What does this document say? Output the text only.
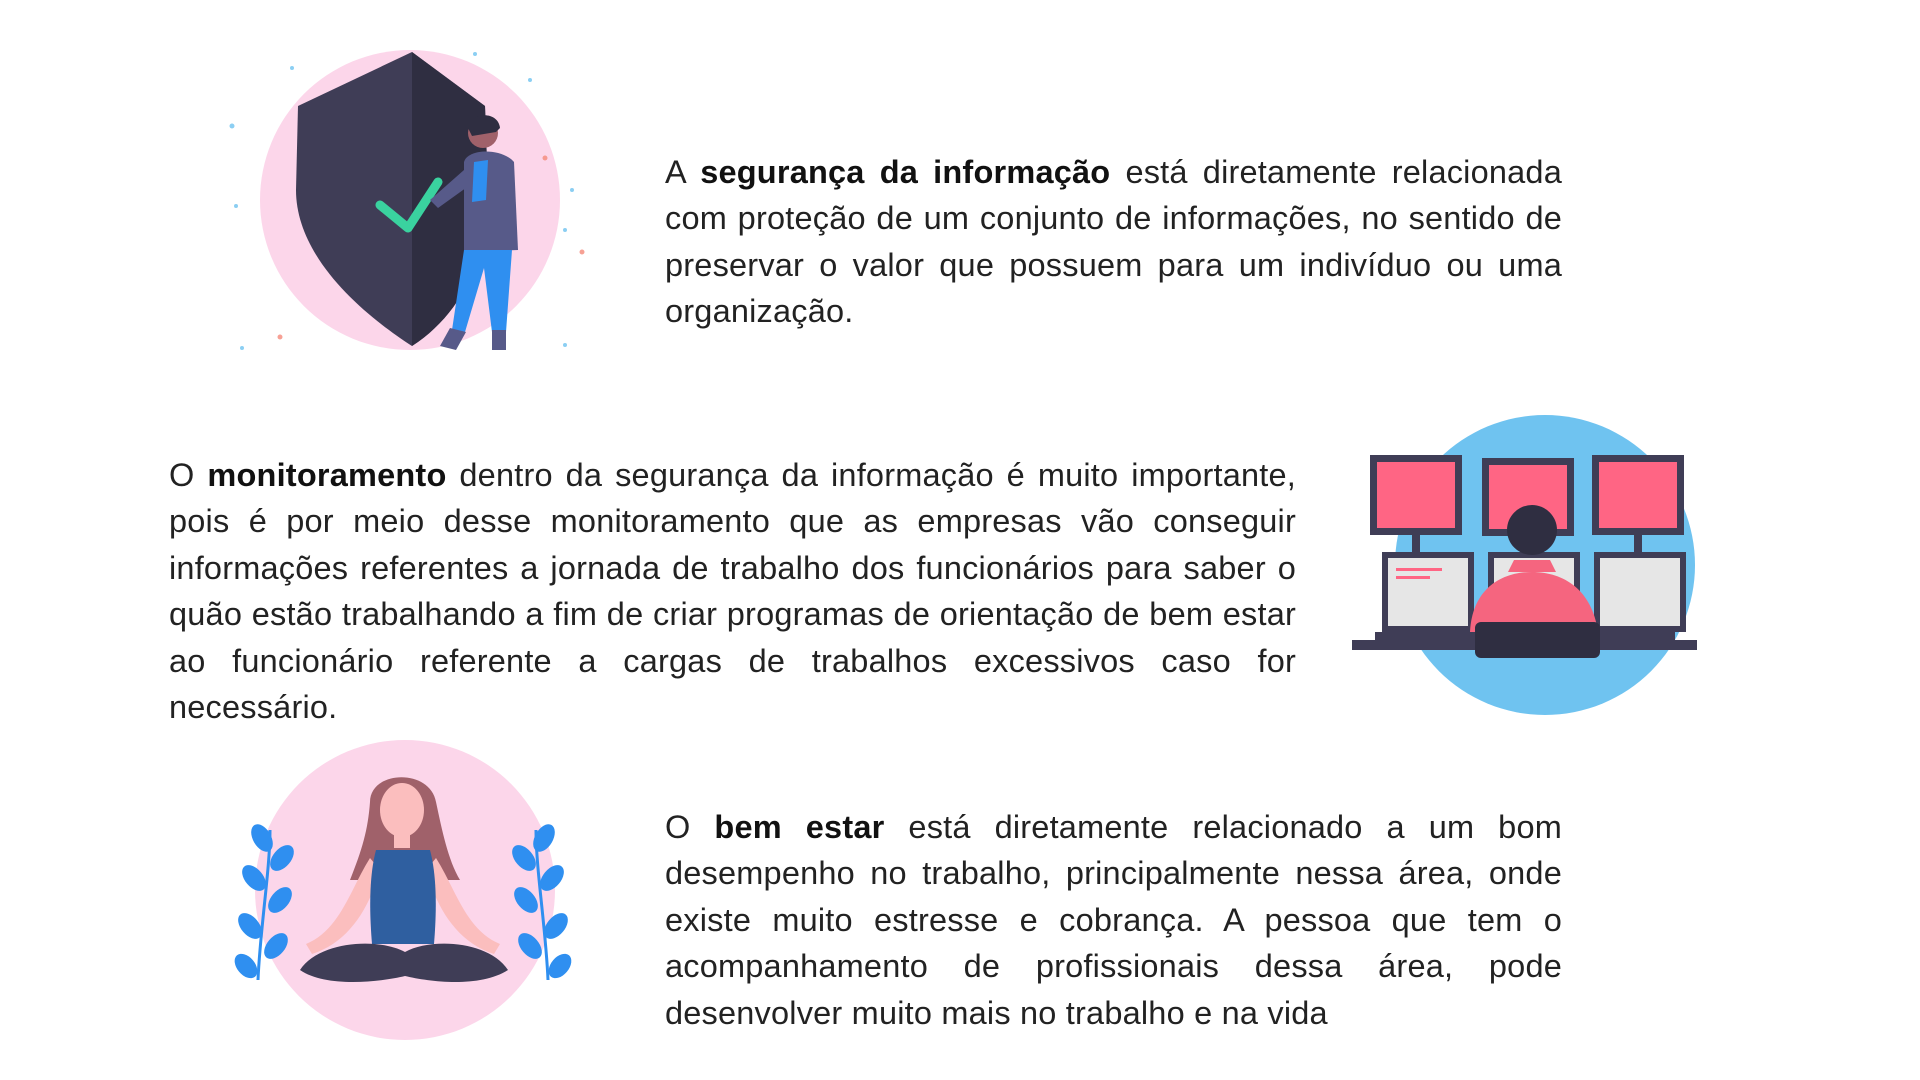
A segurança da informação está diretamente relacionada com proteção de um conjunto de informações, no sentido de preservar o valor que possuem para um indivíduo ou uma organização.

O monitoramento dentro da segurança da informação é muito importante, pois é por meio desse monitoramento que as empresas vão conseguir informações referentes a jornada de trabalho dos funcionários para saber o quão estão trabalhando a fim de criar programas de orientação de bem estar ao funcionário referente a cargas de trabalhos excessivos caso for necessário.

O bem estar está diretamente relacionado a um bom desempenho no trabalho, principalmente nessa área, onde existe muito estresse e cobrança. A pessoa que tem o acompanhamento de profissionais dessa área, pode desenvolver muito mais no trabalho e na vida
